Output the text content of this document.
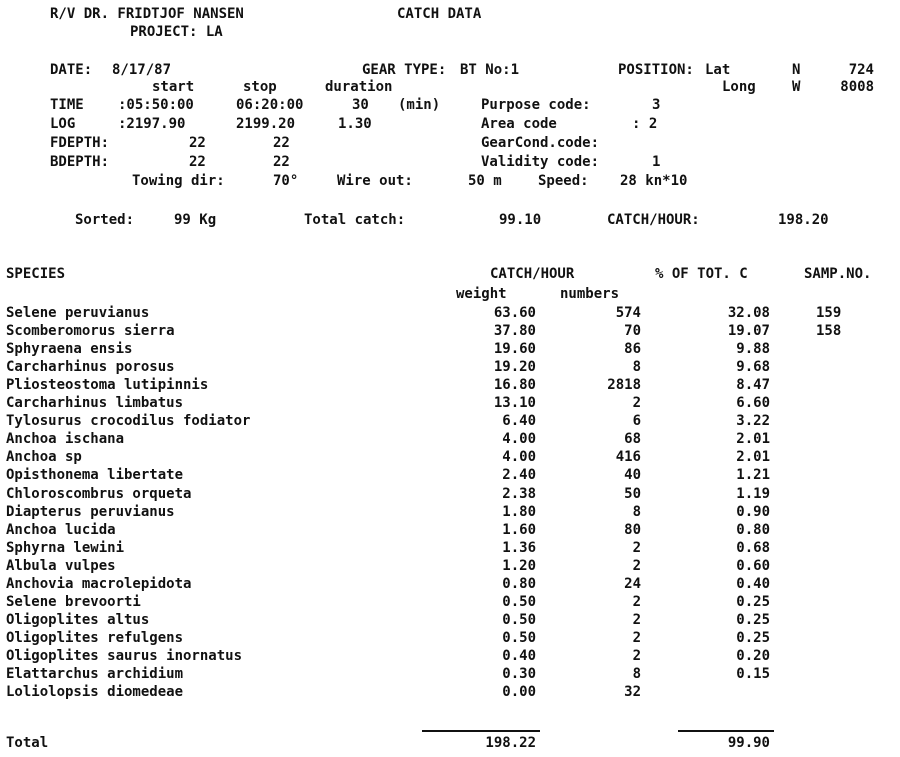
R/V DR. FRIDTJOF NANSEN	CATCH DATA
PROJECT: LA
DATE: 8/17/87	GEAR TYPE: BT No:1	POSITION: Lat	N	724
start	stop	duration	Long	W	8008
TIME :05:50:00	06:20:00	30 (min)	Purpose code:	3
LOG	:2197.90	2199.20	1.30	Area code	: 2
FDEPTH:	22	22	GearCond.code:
BDEPTH:	22	22	Validity code:	1
Towing dir:	70°	Wire out:	50 m	Speed: 28 kn*10
Sorted:	99 Kg	Total catch:	99.10	CATCH/HOUR:	198.20
SPECIES	CATCH/HOUR	% OF TOT. C	SAMP.NO.
weight	numbers
Selene peruvianus	63.60	574	32.08	159
Scomberomorus sierra	37.80	70	19.07	158
Sphyraena ensis	19.60	86	9.88
Carcharhinus porosus	19.20	8	9.68
Pliosteostoma lutipinnis	16.80	2818	8.47
Carcharhinus limbatus	13.10	2	6.60
Tylosurus crocodilus fodiator	6.40	6	3.22
Anchoa ischana	4.00	68	2.01
Anchoa sp	4.00	416	2.01
Opisthonema libertate	2.40	40	1.21
Chloroscombrus orqueta	2.38	50	1.19
Diapterus peruvianus	1.80	8	0.90
Anchoa lucida	1.60	80	0.80
Sphyrna lewini	1.36	2	0.68
Albula vulpes	1.20	2	0.60
Anchovia macrolepidota	0.80	24	0.40
Selene brevoorti	0.50	2	0.25
Oligoplites altus	0.50	2	0.25
Oligoplites refulgens	0.50	2	0.25
Oligoplites saurus inornatus	0.40	2	0.20
Elattarchus archidium	0.30	8	0.15
Loliolopsis diomedeae	0.00	32
Total	198.22	99.90
